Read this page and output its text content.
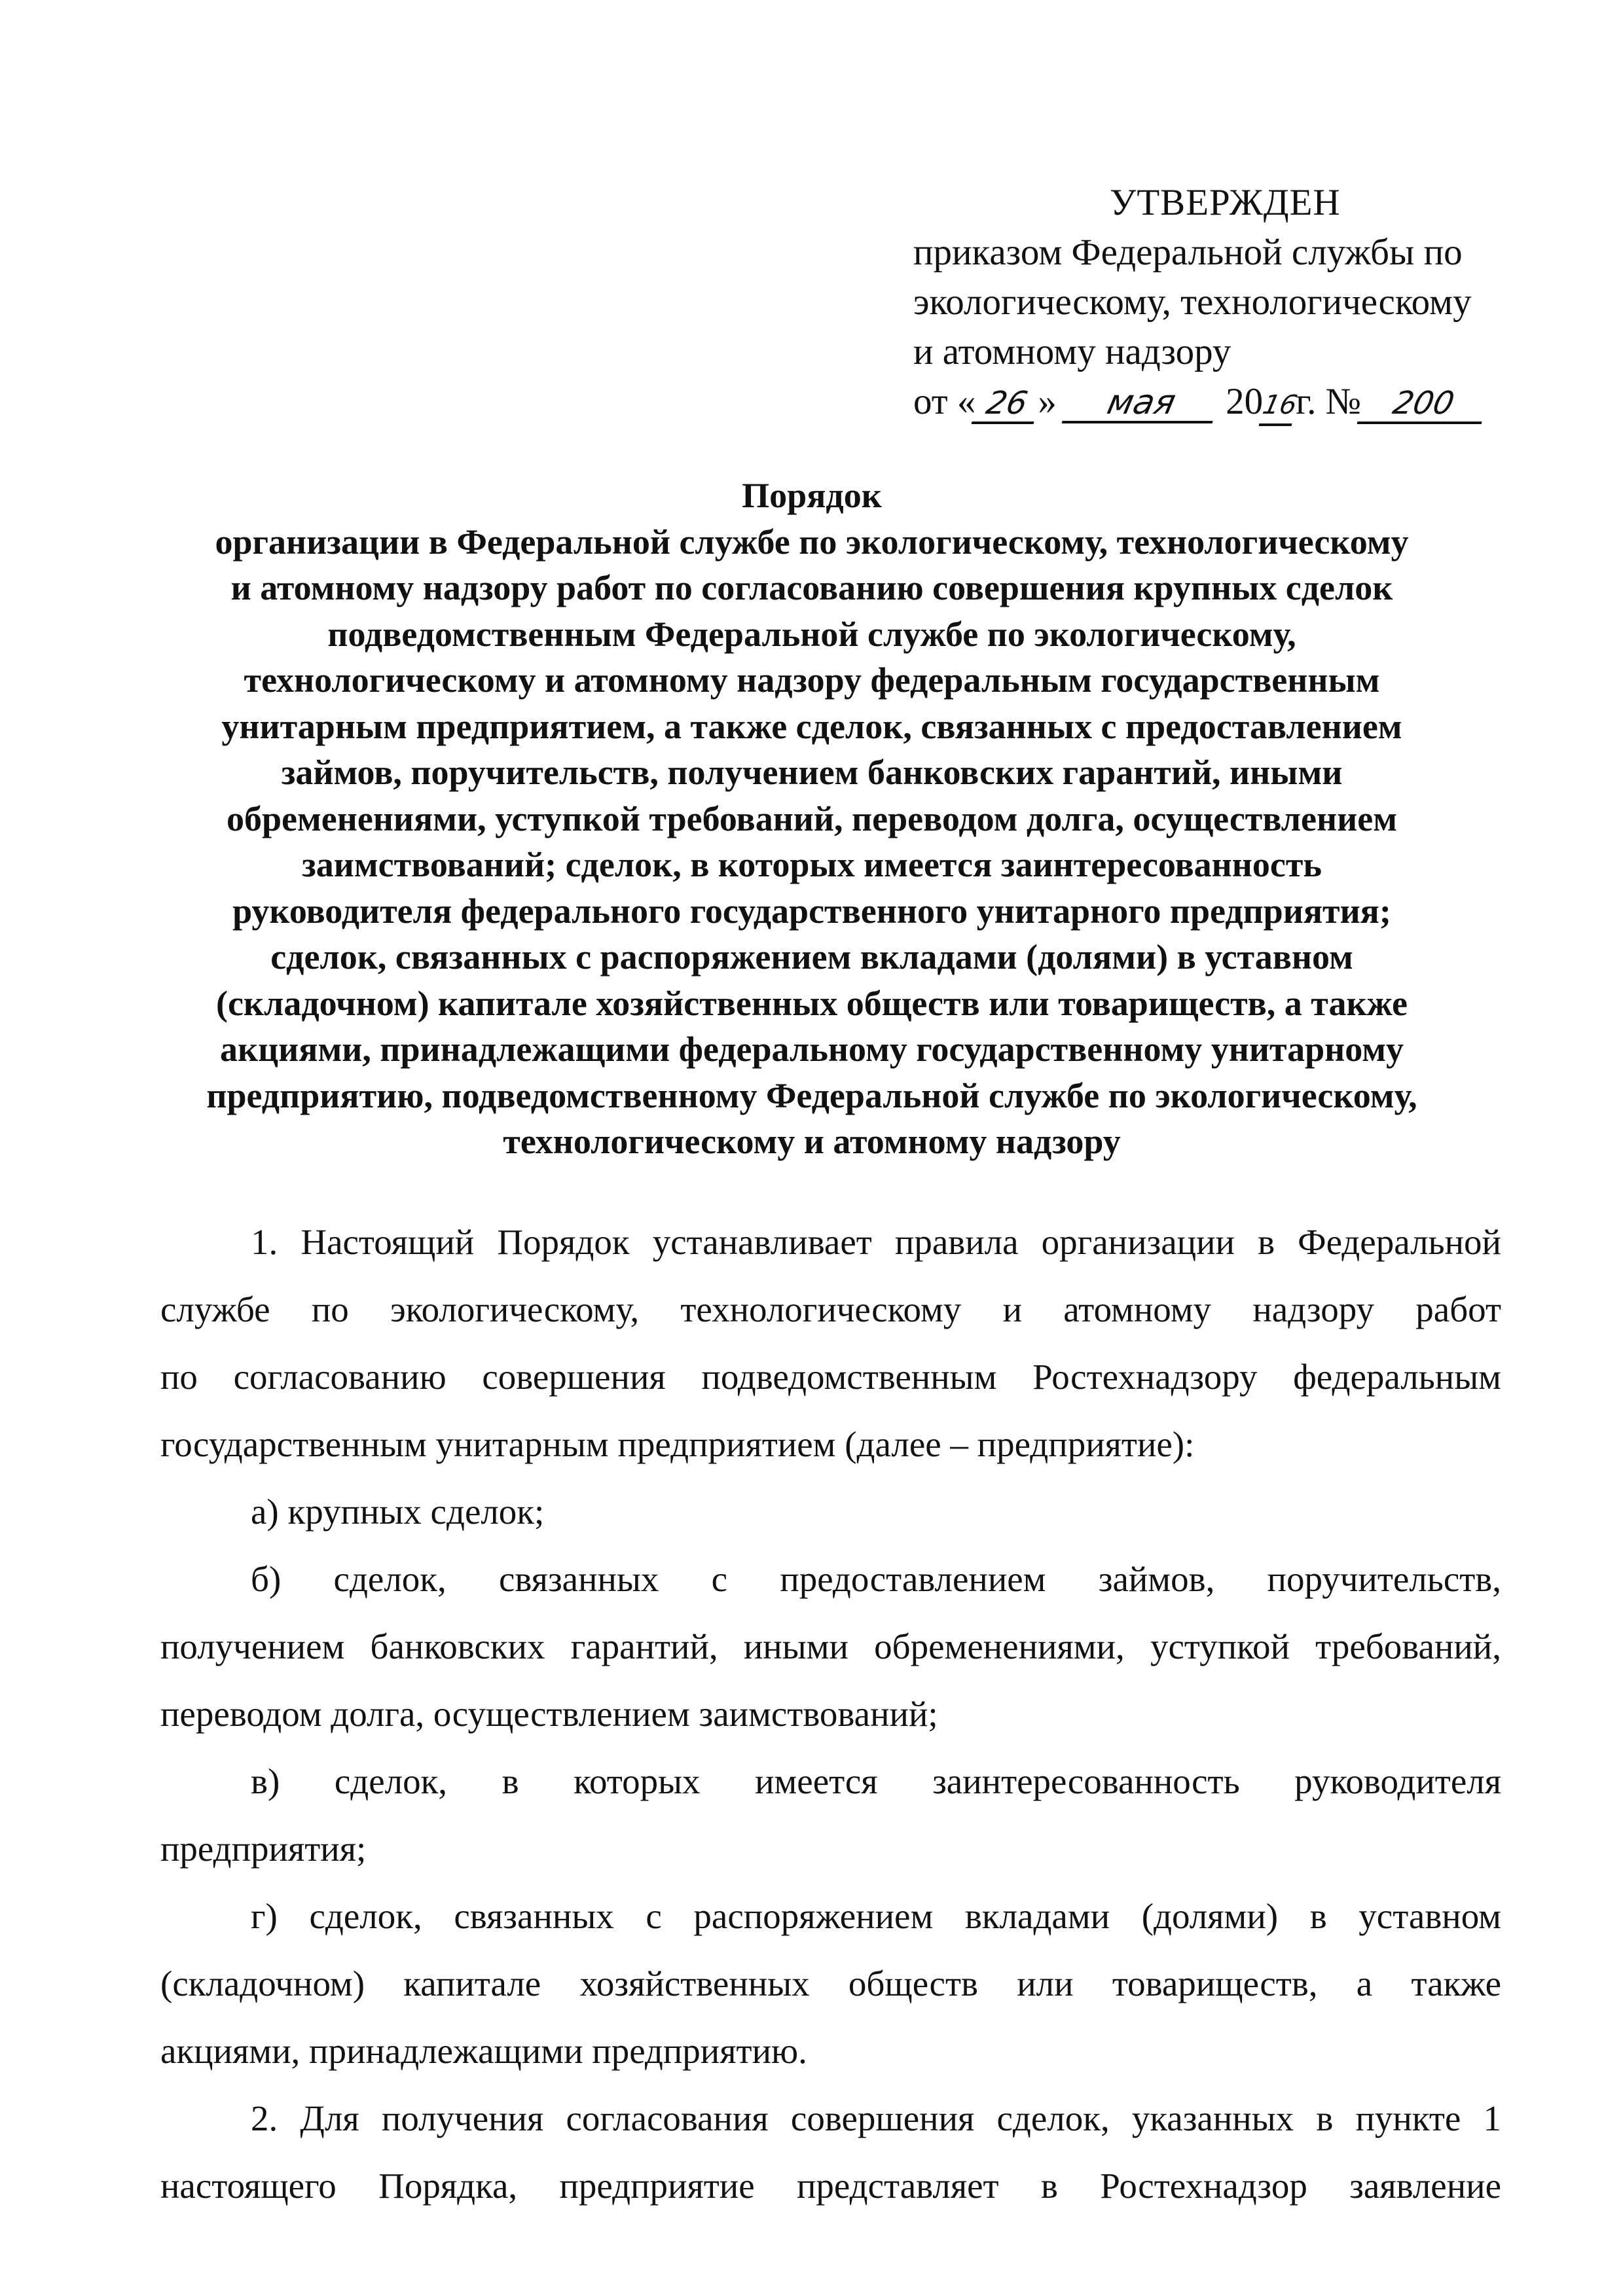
УТВЕРЖДЕН
приказом Федеральной службы по
экологическому, технологическому
и атомному надзору
от « 26 » мая 2016г. № 200
Порядок
организации в Федеральной службе по экологическому, технологическому
и атомному надзору работ по согласованию совершения крупных сделок
подведомственным Федеральной службе по экологическому,
технологическому и атомному надзору федеральным государственным
унитарным предприятием, а также сделок, связанных с предоставлением
займов, поручительств, получением банковских гарантий, иными
обременениями, уступкой требований, переводом долга, осуществлением
заимствований; сделок, в которых имеется заинтересованность
руководителя федерального государственного унитарного предприятия;
сделок, связанных с распоряжением вкладами (долями) в уставном
(складочном) капитале хозяйственных обществ или товариществ, а также
акциями, принадлежащими федеральному государственному унитарному
предприятию, подведомственному Федеральной службе по экологическому,
технологическому и атомному надзору

1. Настоящий Порядок устанавливает правила организации в Федеральной
службе по экологическому, технологическому и атомному надзору работ
по согласованию совершения подведомственным Ростехнадзору федеральным
государственным унитарным предприятием (далее – предприятие):

а) крупных сделок;

б) сделок, связанных с предоставлением займов, поручительств,
получением банковских гарантий, иными обременениями, уступкой требований,
переводом долга, осуществлением заимствований;

в) сделок, в которых имеется заинтересованность руководителя
предприятия;

г) сделок, связанных с распоряжением вкладами (долями) в уставном
(складочном) капитале хозяйственных обществ или товариществ, а также
акциями, принадлежащими предприятию.

2. Для получения согласования совершения сделок, указанных в пункте 1
настоящего Порядка, предприятие представляет в Ростехнадзор заявление
